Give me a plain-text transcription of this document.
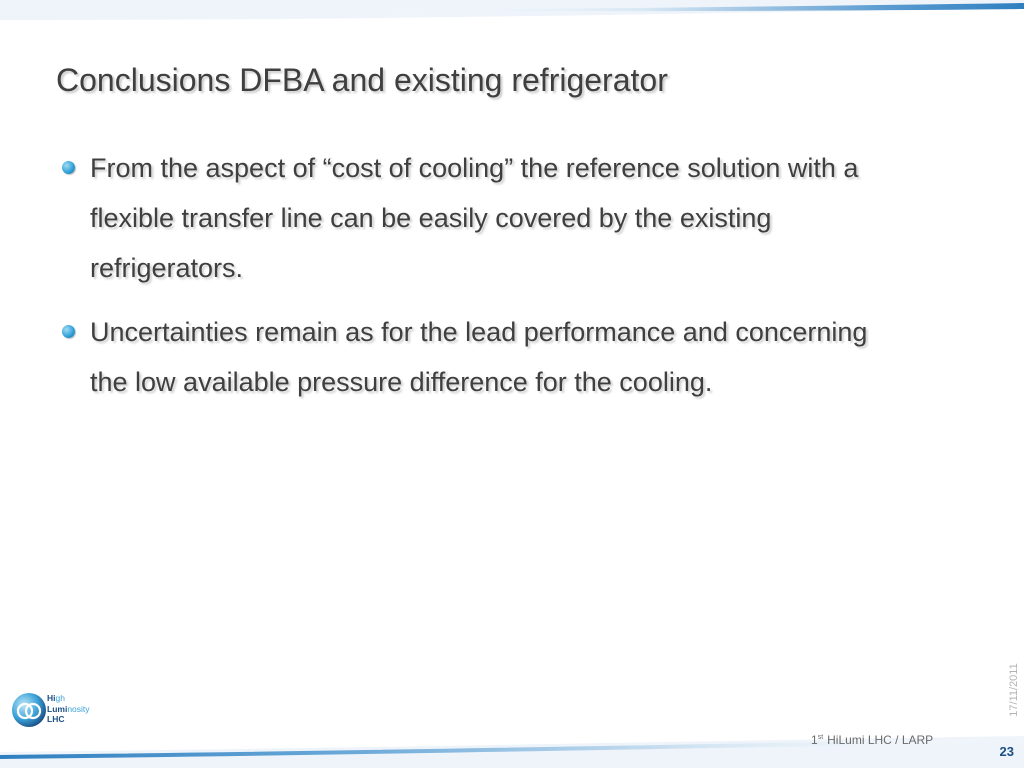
Conclusions DFBA and existing refrigerator
From the aspect of “cost of cooling” the reference solution with a flexible transfer line can be easily covered by the existing refrigerators.
Uncertainties remain as for the lead performance and concerning the low available pressure difference for the cooling.
High
Luminosity
LHC
17/11/2011
1st HiLumi LHC / LARP
23
